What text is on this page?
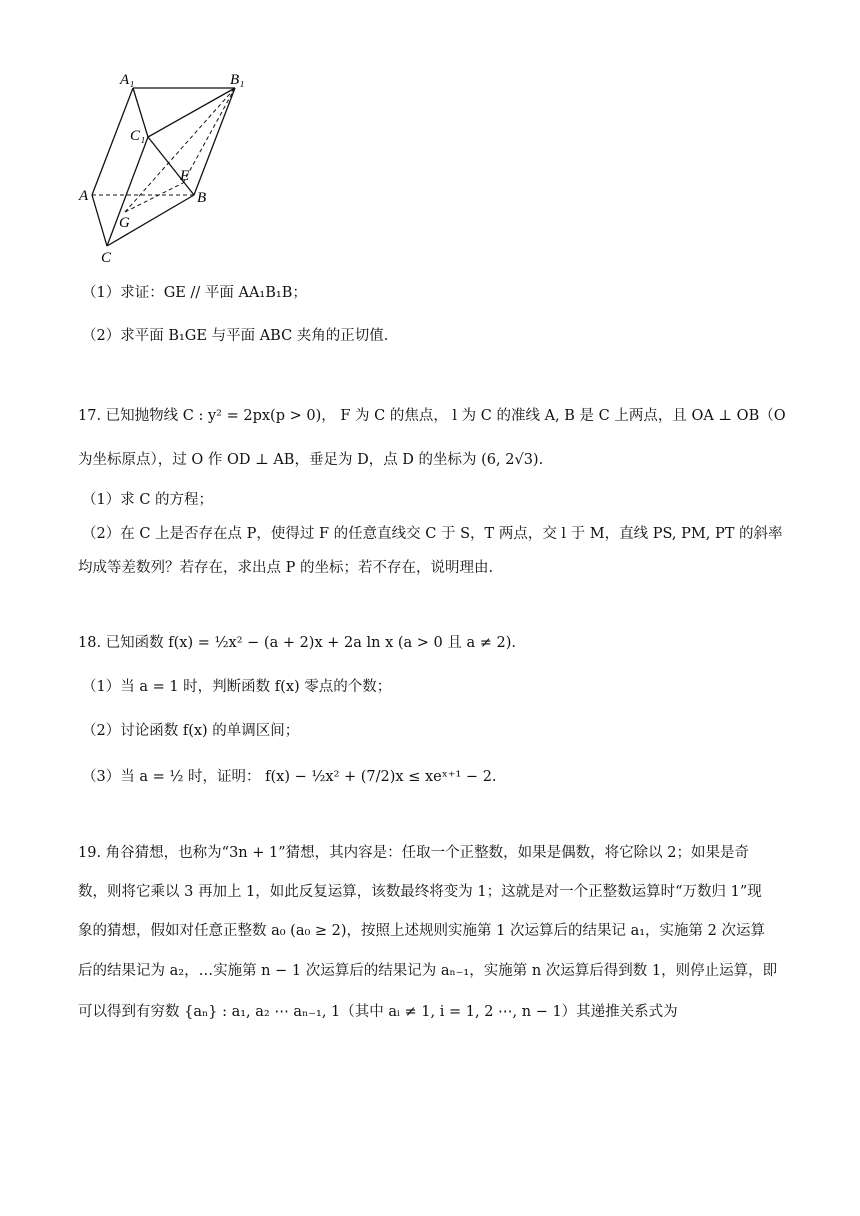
A₁	B₁
C₁
A	B
C
E
G
（1）求证：GE // 平面 AA₁B₁B；
（2）求平面 B₁GE 与平面 ABC 夹角的正切值.
17. 已知抛物线 C : y² = 2px(p > 0)， F 为 C 的焦点， l 为 C 的准线 A, B 是 C 上两点，且 OA ⊥ OB（O
为坐标原点），过 O 作 OD ⊥ AB，垂足为 D，点 D 的坐标为 (6, 2√3).
（1）求 C 的方程；
（2）在 C 上是否存在点 P，使得过 F 的任意直线交 C 于 S，T 两点，交 l 于 M，直线 PS, PM, PT 的斜率
均成等差数列？若存在，求出点 P 的坐标；若不存在，说明理由.
18. 已知函数 f(x) = ½x² − (a + 2)x + 2a ln x (a > 0 且 a ≠ 2).
（1）当 a = 1 时，判断函数 f(x) 零点的个数；
（2）讨论函数 f(x) 的单调区间；
（3）当 a = ½ 时，证明： f(x) − ½x² + (7/2)x ≤ xeˣ⁺¹ − 2.
19. 角谷猜想，也称为“3n + 1”猜想，其内容是：任取一个正整数，如果是偶数，将它除以 2；如果是奇
数，则将它乘以 3 再加上 1，如此反复运算，该数最终将变为 1；这就是对一个正整数运算时“万数归 1”现
象的猜想，假如对任意正整数 a₀ (a₀ ≥ 2)，按照上述规则实施第 1 次运算后的结果记 a₁，实施第 2 次运算
后的结果记为 a₂，…实施第 n − 1 次运算后的结果记为 aₙ₋₁，实施第 n 次运算后得到数 1，则停止运算，即
可以得到有穷数 {aₙ} : a₁, a₂ ⋯ aₙ₋₁, 1（其中 aᵢ ≠ 1, i = 1, 2 ⋯, n − 1）其递推关系式为
